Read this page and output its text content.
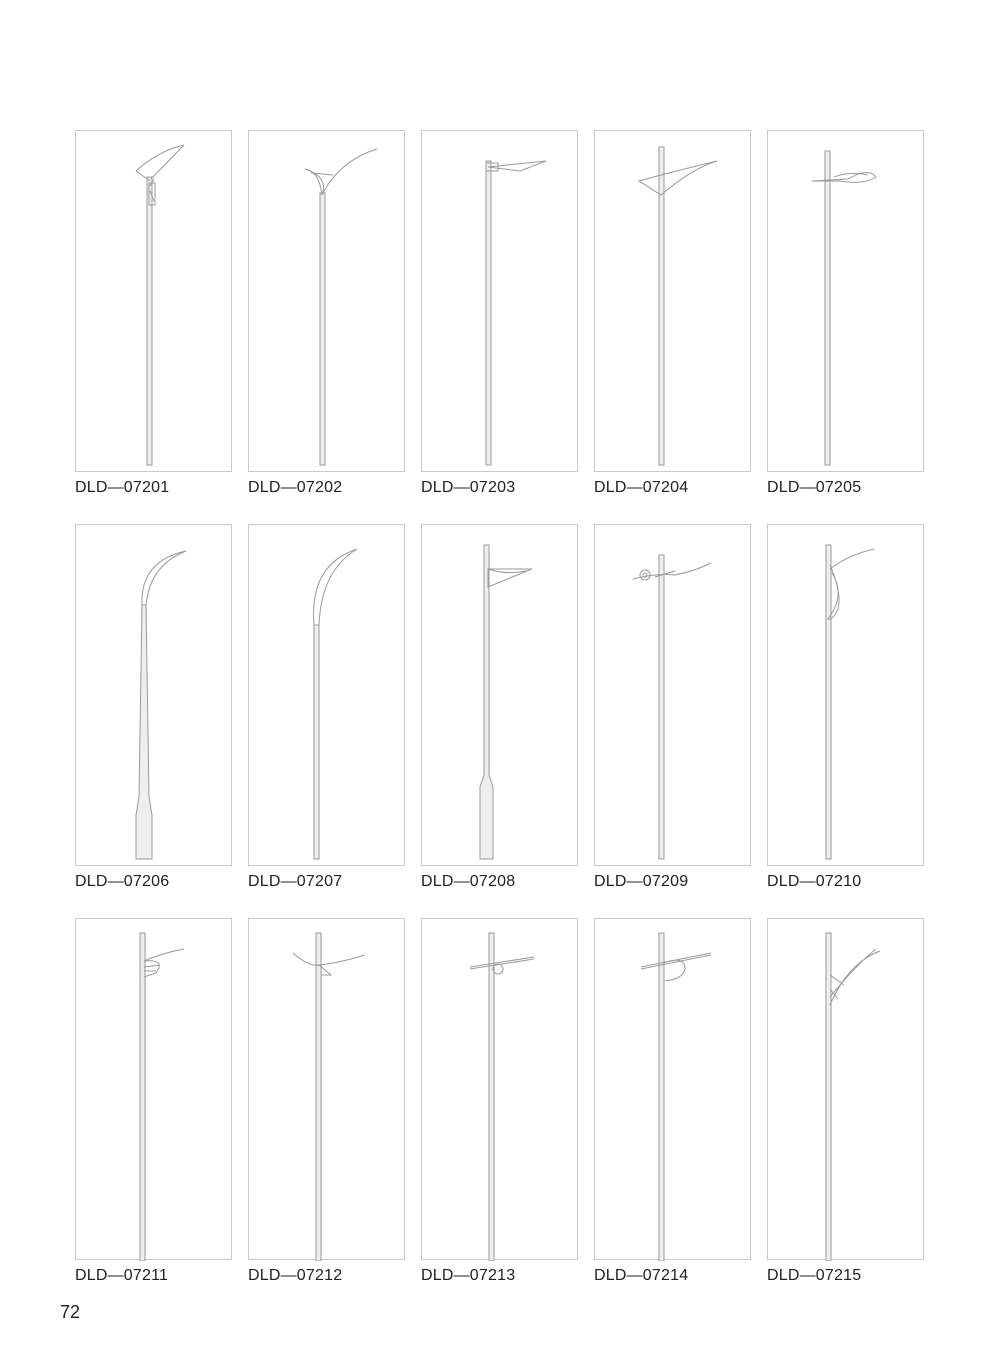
DLD—07201	DLD—07202	DLD—07203	DLD—07204	DLD—07205
DLD—07206	DLD—07207	DLD—07208	DLD—07209	DLD—07210
DLD—07211	DLD—07212	DLD—07213	DLD—07214	DLD—07215
72
